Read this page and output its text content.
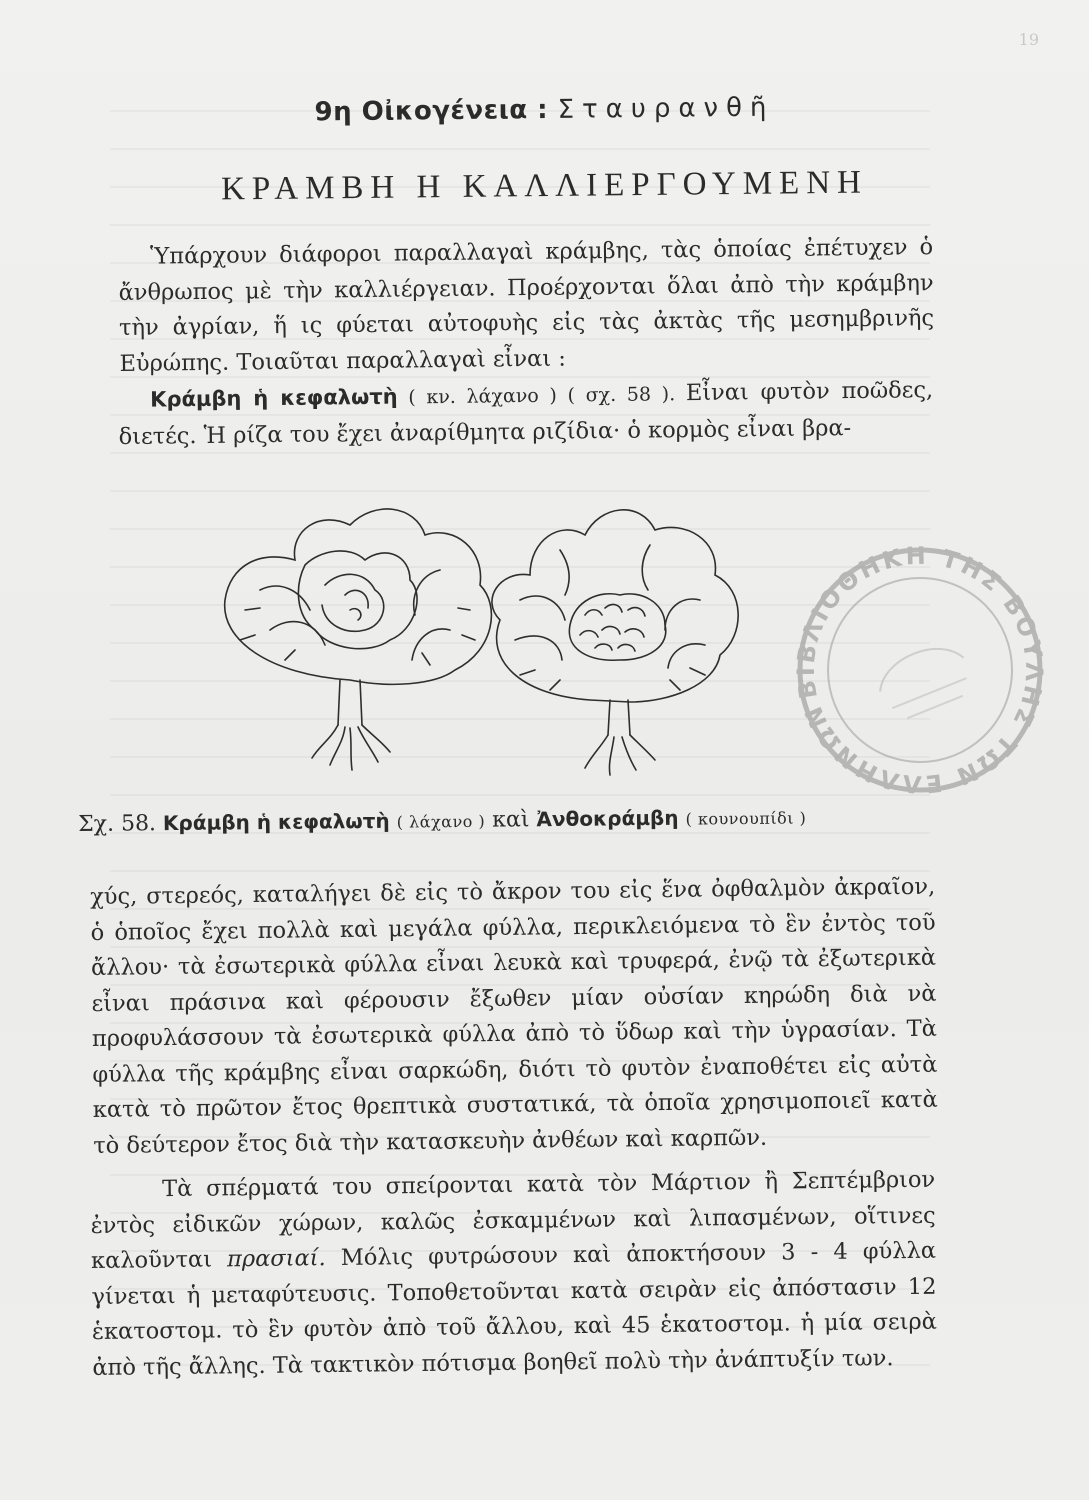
19
9η Οἰκογένεια : Σταυρανθῆ
ΚΡΑΜΒΗ Η ΚΑΛΛΙΕΡΓΟΥΜΕΝΗ
Ὑπάρχουν διάφοροι παραλλαγαὶ κράμβης, τὰς ὁποίας ἐπέτυχεν ὁ ἄνθρωπος μὲ τὴν καλλιέργειαν. Προέρχονται ὅλαι ἀπὸ τὴν κράμβην τὴν ἀγρίαν, ἥ ις φύεται αὐτοφυὴς εἰς τὰς ἀκτὰς τῆς μεσημβρινῆς Εὐρώπης. Τοιαῦται παραλλαγαὶ εἶναι :
Κράμβη ἡ κεφαλωτὴ ( κν. λάχανο ) ( σχ. 58 ). Εἶναι φυτὸν ποῶδες, διετές. Ἡ ρίζα του ἔχει ἀναρίθμητα ριζίδια· ὁ κορμὸς εἶναι βρα-
Σχ. 58. Κράμβη ἡ κεφαλωτὴ ( λάχανο ) καὶ Ἀνθοκράμβη ( κουνουπίδι )
χύς, στερεός, καταλήγει δὲ εἰς τὸ ἄκρον του εἰς ἕνα ὀφθαλμὸν ἀκραῖον, ὁ ὁποῖος ἔχει πολλὰ καὶ μεγάλα φύλλα, περικλειόμενα τὸ ἓν ἐντὸς τοῦ ἄλλου· τὰ ἐσωτερικὰ φύλλα εἶναι λευκὰ καὶ τρυφερά, ἐνῷ τὰ ἐξωτερικὰ εἶναι πράσινα καὶ φέρουσιν ἔξωθεν μίαν οὐσίαν κηρώδη διὰ νὰ προφυλάσσουν τὰ ἐσωτερικὰ φύλλα ἀπὸ τὸ ὕδωρ καὶ τὴν ὑγρασίαν. Τὰ φύλλα τῆς κράμβης εἶναι σαρκώδη, διότι τὸ φυτὸν ἐναποθέτει εἰς αὐτὰ κατὰ τὸ πρῶτον ἔτος θρεπτικὰ συστατικά, τὰ ὁποῖα χρησιμοποιεῖ κατὰ τὸ δεύτερον ἔτος διὰ τὴν κατασκευὴν ἀνθέων καὶ καρπῶν.
Τὰ σπέρματά του σπείρονται κατὰ τὸν Μάρτιον ἢ Σεπτέμβριον ἐντὸς εἰδικῶν χώρων, καλῶς ἐσκαμμένων καὶ λιπασμένων, οἵτινες καλοῦνται πρασιαί. Μόλις φυτρώσουν καὶ ἀποκτήσουν 3 - 4 φύλλα γίνεται ἡ μεταφύτευσις. Τοποθετοῦνται κατὰ σειρὰν εἰς ἀπόστασιν 12 ἑκατοστομ. τὸ ἓν φυτὸν ἀπὸ τοῦ ἄλλου, καὶ 45 ἑκατοστομ. ἡ μία σειρὰ ἀπὸ τῆς ἄλλης. Τὰ τακτικὸν πότισμα βοηθεῖ πολὺ τὴν ἀνάπτυξίν των.
ΒΙΒΛΙΟΘΗΚΗ ΤΗΣ ΒΟΥΛΗΣ ΤΩΝ ΕΛΛΗΝΩΝ
